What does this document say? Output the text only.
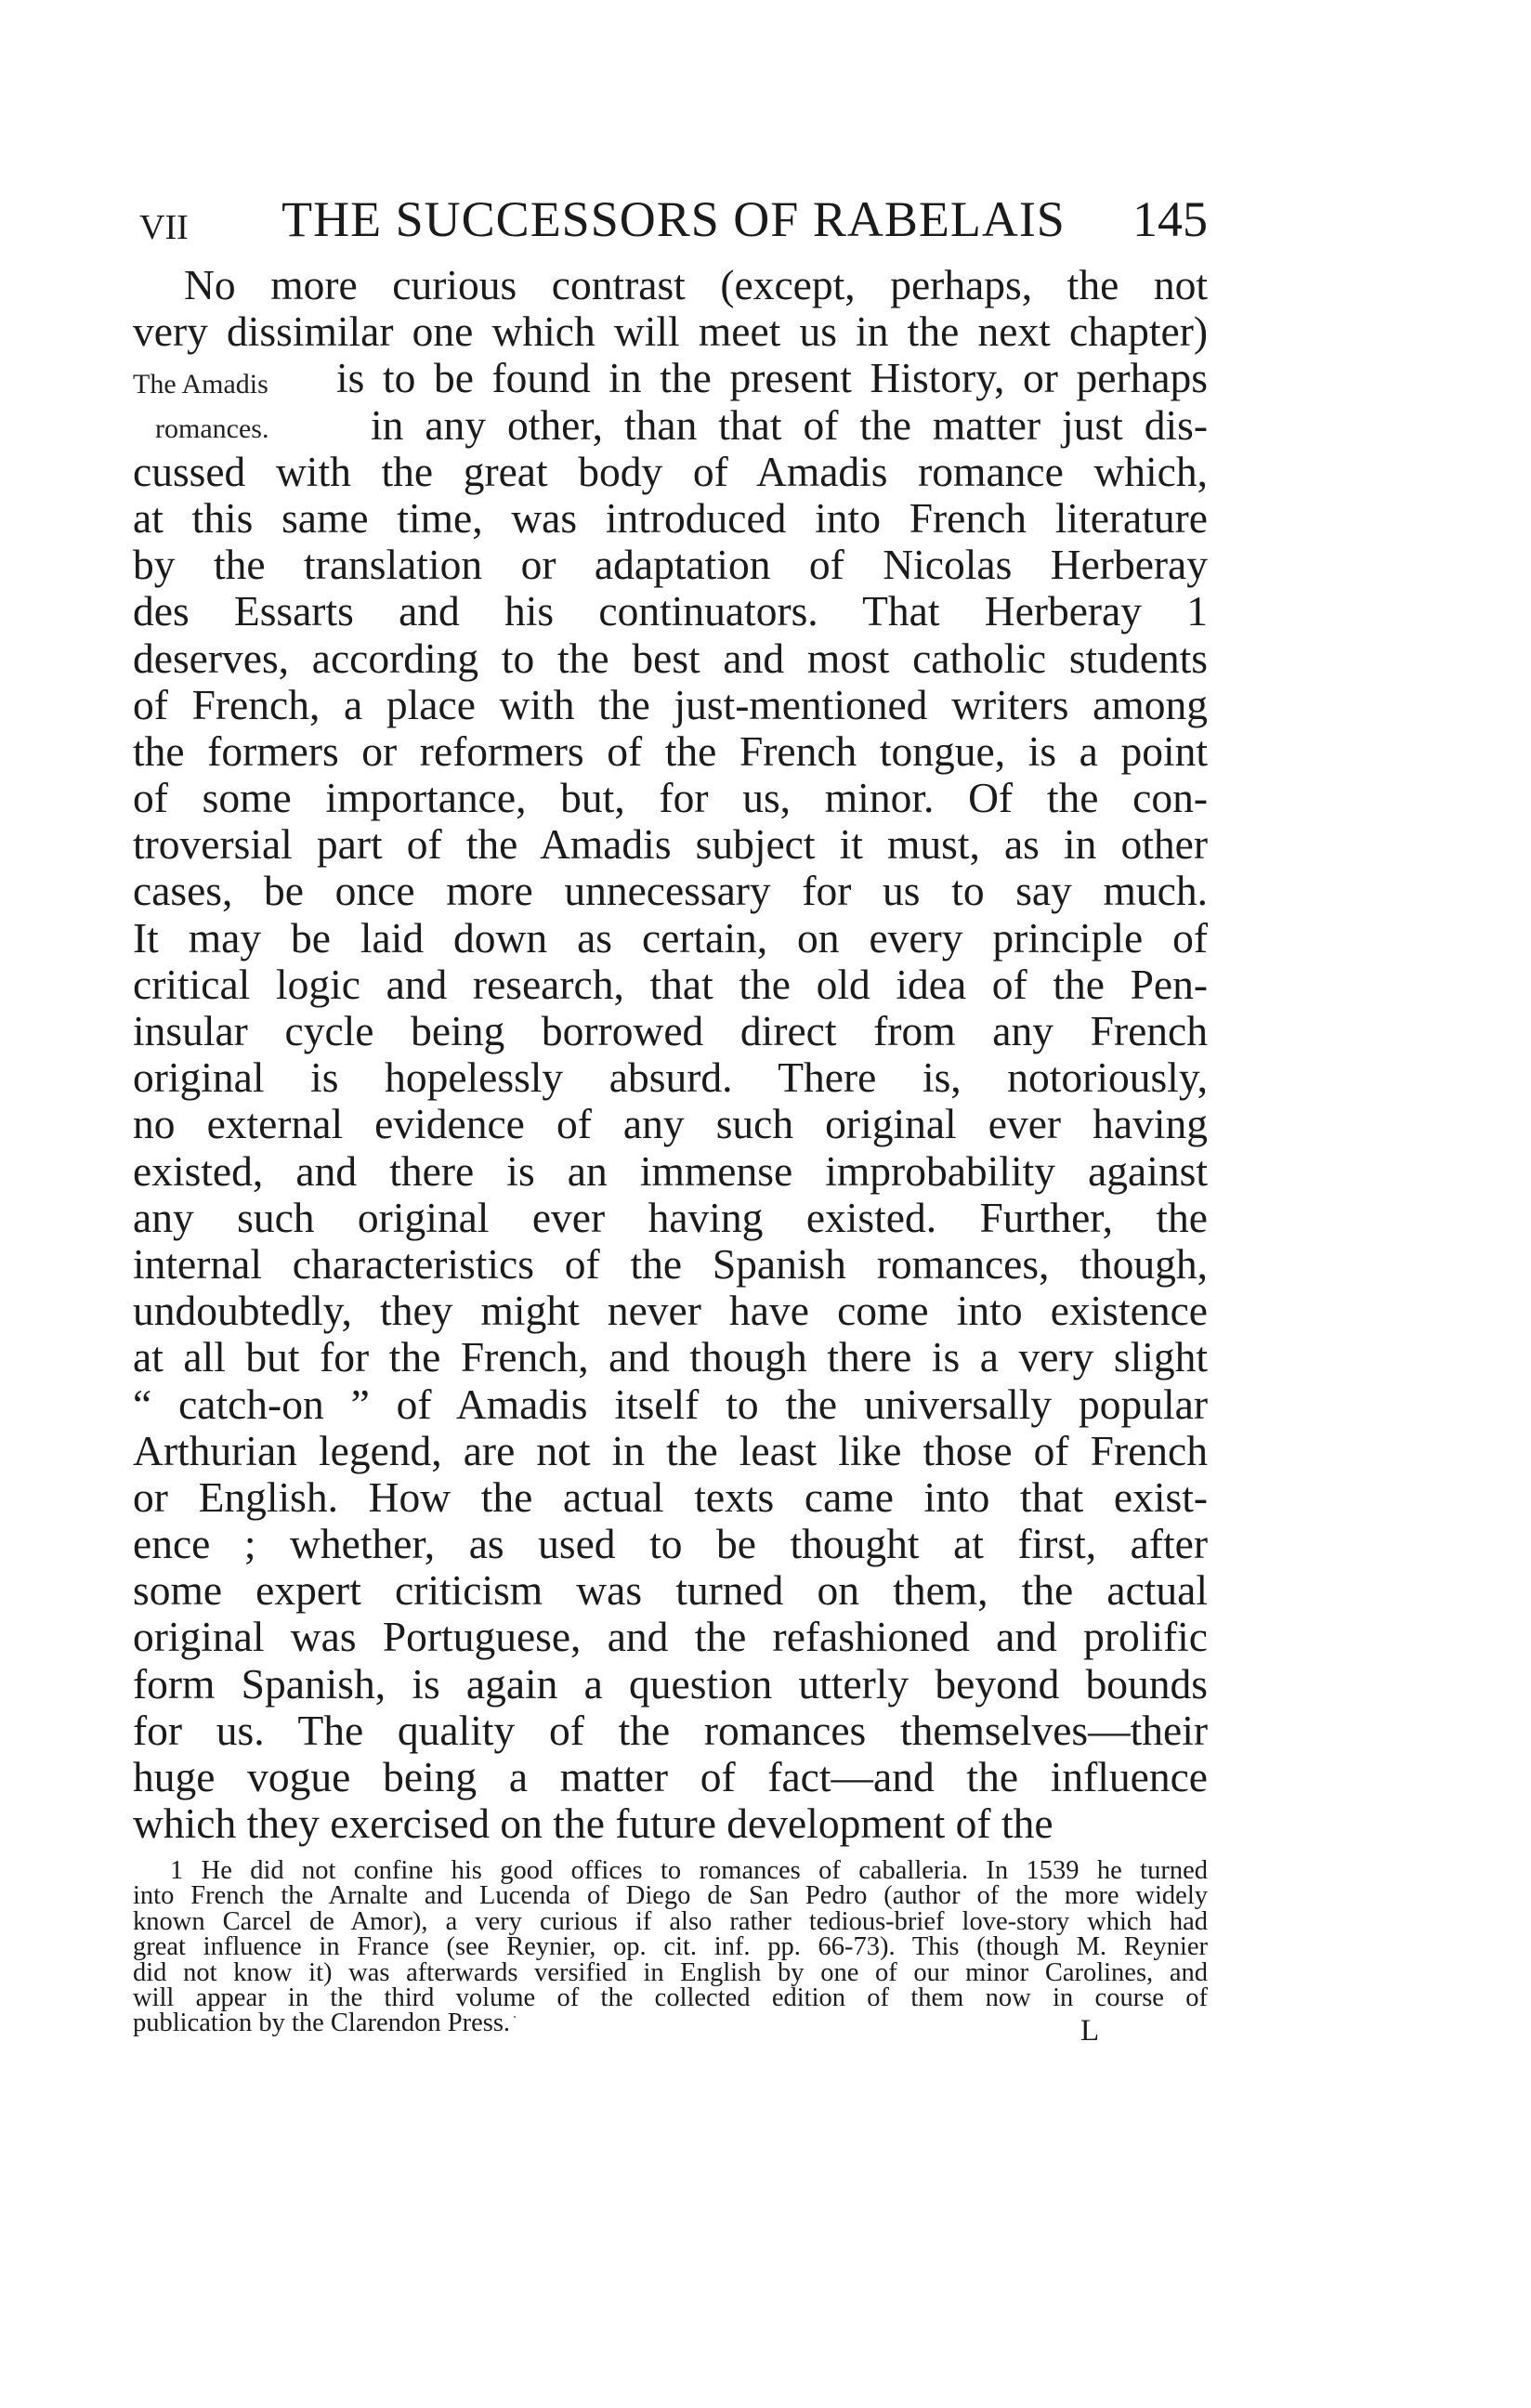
VII	THE SUCCESSORS OF RABELAIS	145
The Amadis
romances.
No more curious contrast (except, perhaps, the not
very dissimilar one which will meet us in the next chapter)
is to be found in the present History, or perhaps
in any other, than that of the matter just dis-
cussed with the great body of Amadis romance which,
at this same time, was introduced into French literature
by the translation or adaptation of Nicolas Herberay
des Essarts and his continuators. That Herberay 1
deserves, according to the best and most catholic students
of French, a place with the just-mentioned writers among
the formers or reformers of the French tongue, is a point
of some importance, but, for us, minor. Of the con-
troversial part of the Amadis subject it must, as in other
cases, be once more unnecessary for us to say much.
It may be laid down as certain, on every principle of
critical logic and research, that the old idea of the Pen-
insular cycle being borrowed direct from any French
original is hopelessly absurd. There is, notoriously,
no external evidence of any such original ever having
existed, and there is an immense improbability against
any such original ever having existed. Further, the
internal characteristics of the Spanish romances, though,
undoubtedly, they might never have come into existence
at all but for the French, and though there is a very slight
“ catch-on ” of Amadis itself to the universally popular
Arthurian legend, are not in the least like those of French
or English. How the actual texts came into that exist-
ence ; whether, as used to be thought at first, after
some expert criticism was turned on them, the actual
original was Portuguese, and the refashioned and prolific
form Spanish, is again a question utterly beyond bounds
for us. The quality of the romances themselves—their
huge vogue being a matter of fact—and the influence
which they exercised on the future development of the
1 He did not confine his good offices to romances of caballeria. In 1539 he turned
into French the Arnalte and Lucenda of Diego de San Pedro (author of the more widely
known Carcel de Amor), a very curious if also rather tedious-brief love-story which had
great influence in France (see Reynier, op. cit. inf. pp. 66-73). This (though M. Reynier
did not know it) was afterwards versified in English by one of our minor Carolines, and
will appear in the third volume of the collected edition of them now in course of
publication by the Clarendon Press.	L
